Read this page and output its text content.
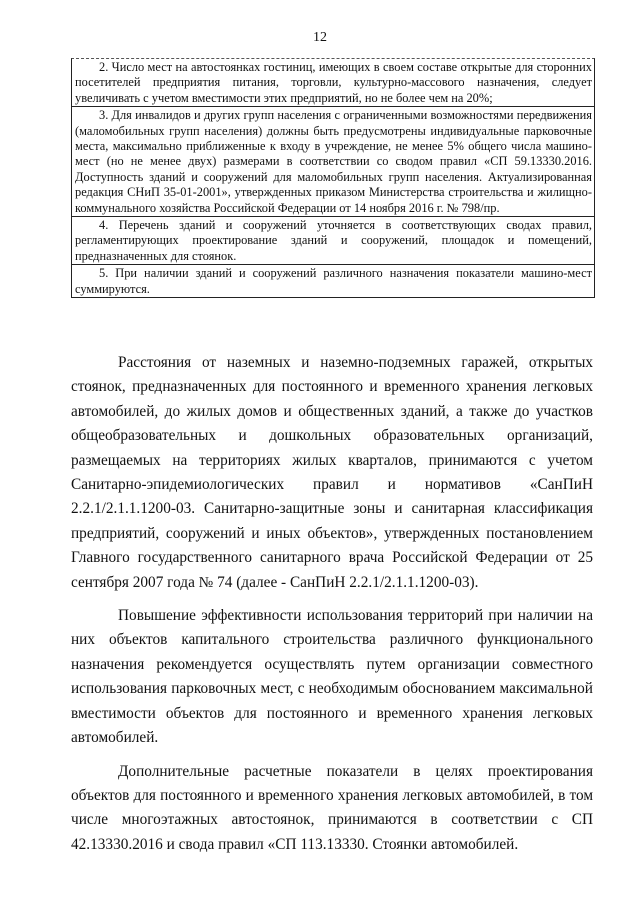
12
2. Число мест на автостоянках гостиниц, имеющих в своем составе открытые для сторонних посетителей предприятия питания, торговли, культурно-массового назначения, следует увеличивать с учетом вместимости этих предприятий, но не более чем на 20%;
3. Для инвалидов и других групп населения с ограниченными возможностями передвижения (маломобильных групп населения) должны быть предусмотрены индивидуальные парковочные места, максимально приближенные к входу в учреждение, не менее 5% общего числа машино-мест (но не менее двух) размерами в соответствии со сводом правил «СП 59.13330.2016. Доступность зданий и сооружений для маломобильных групп населения. Актуализированная редакция СНиП 35-01-2001», утвержденных приказом Министерства строительства и жилищно-коммунального хозяйства Российской Федерации от 14 ноября 2016 г. № 798/пр.
4. Перечень зданий и сооружений уточняется в соответствующих сводах правил, регламентирующих проектирование зданий и сооружений, площадок и помещений, предназначенных для стоянок.
5. При наличии зданий и сооружений различного назначения показатели машино-мест суммируются.

Расстояния от наземных и наземно-подземных гаражей, открытых стоянок, предназначенных для постоянного и временного хранения легковых автомобилей, до жилых домов и общественных зданий, а также до участков общеобразовательных и дошкольных образовательных организаций, размещаемых на территориях жилых кварталов, принимаются с учетом Санитарно-эпидемиологических правил и нормативов «СанПиН 2.2.1/2.1.1.1200-03. Санитарно-защитные зоны и санитарная классификация предприятий, сооружений и иных объектов», утвержденных постановлением Главного государственного санитарного врача Российской Федерации от 25 сентября 2007 года № 74 (далее - СанПиН 2.2.1/2.1.1.1200-03).

Повышение эффективности использования территорий при наличии на них объектов капитального строительства различного функционального назначения рекомендуется осуществлять путем организации совместного использования парковочных мест, с необходимым обоснованием максимальной вместимости объектов для постоянного и временного хранения легковых автомобилей.

Дополнительные расчетные показатели в целях проектирования объектов для постоянного и временного хранения легковых автомобилей, в том числе многоэтажных автостоянок, принимаются в соответствии с СП 42.13330.2016 и свода правил «СП 113.13330. Стоянки автомобилей.
